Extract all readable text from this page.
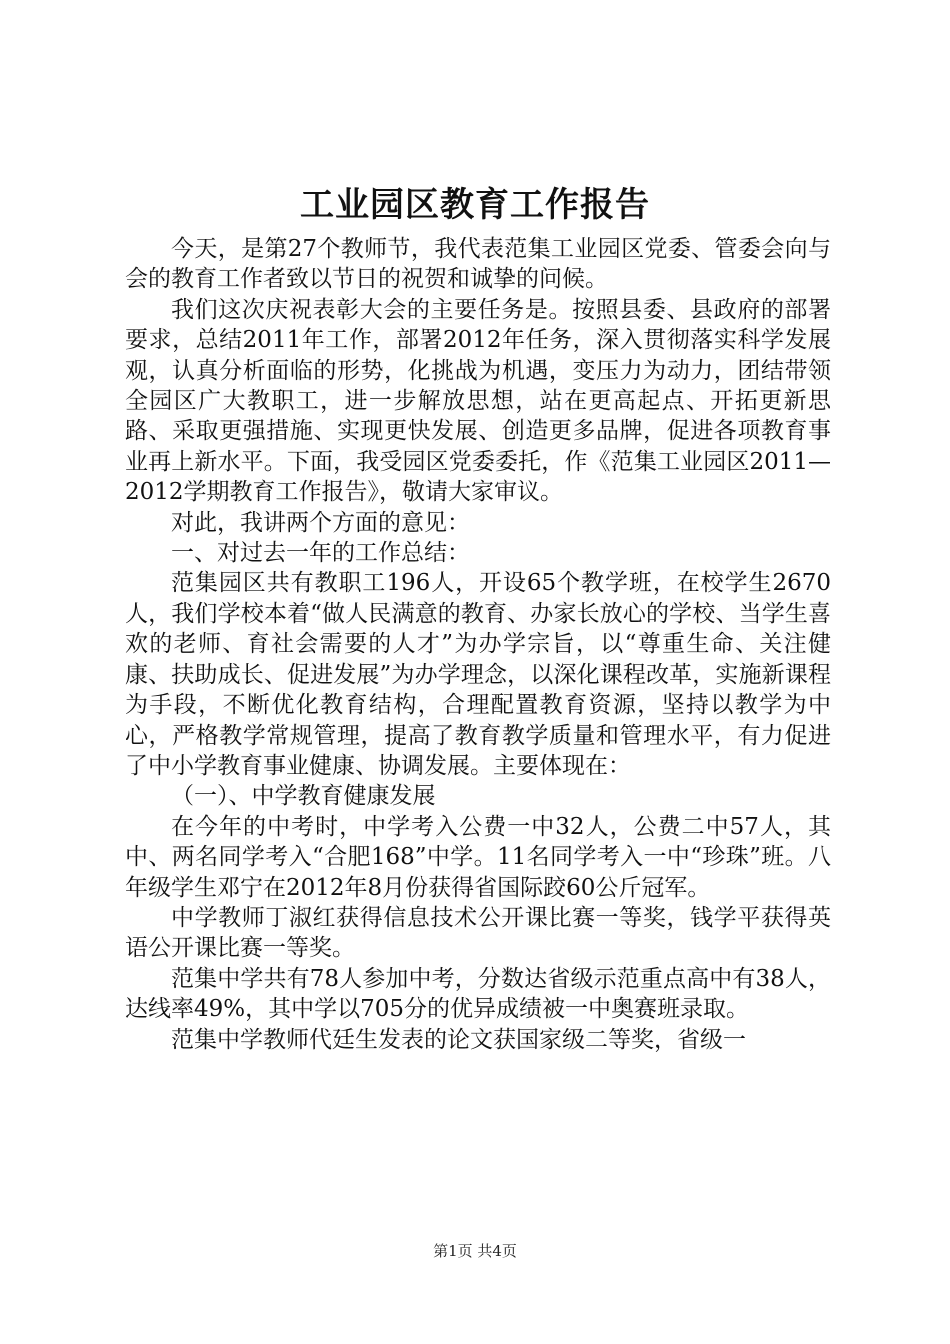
工业园区教育工作报告

今天，是第27个教师节，我代表范集工业园区党委、管委会向与会的教育工作者致以节日的祝贺和诚挚的问候。

我们这次庆祝表彰大会的主要任务是。按照县委、县政府的部署要求，总结2011年工作，部署2012年任务，深入贯彻落实科学发展观，认真分析面临的形势，化挑战为机遇，变压力为动力，团结带领全园区广大教职工，进一步解放思想，站在更高起点、开拓更新思路、采取更强措施、实现更快发展、创造更多品牌，促进各项教育事业再上新水平。下面，我受园区党委委托，作《范集工业园区2011—2012学期教育工作报告》，敬请大家审议。

对此，我讲两个方面的意见：

一、对过去一年的工作总结：

范集园区共有教职工196人，开设65个教学班，在校学生2670人，我们学校本着“做人民满意的教育、办家长放心的学校、当学生喜欢的老师、育社会需要的人才”为办学宗旨，以“尊重生命、关注健康、扶助成长、促进发展”为办学理念，以深化课程改革，实施新课程为手段，不断优化教育结构，合理配置教育资源，坚持以教学为中心，严格教学常规管理，提高了教育教学质量和管理水平，有力促进了中小学教育事业健康、协调发展。主要体现在：

（一）、中学教育健康发展

在今年的中考时，中学考入公费一中32人，公费二中57人，其中、两名同学考入“合肥168”中学。11名同学考入一中“珍珠”班。八年级学生邓宁在2012年8月份获得省国际跤60公斤冠军。

中学教师丁淑红获得信息技术公开课比赛一等奖，钱学平获得英语公开课比赛一等奖。

范集中学共有78人参加中考，分数达省级示范重点高中有38人，达线率49%，其中学以705分的优异成绩被一中奥赛班录取。

范集中学教师代廷生发表的论文获国家级二等奖，省级一

第1页 共4页
